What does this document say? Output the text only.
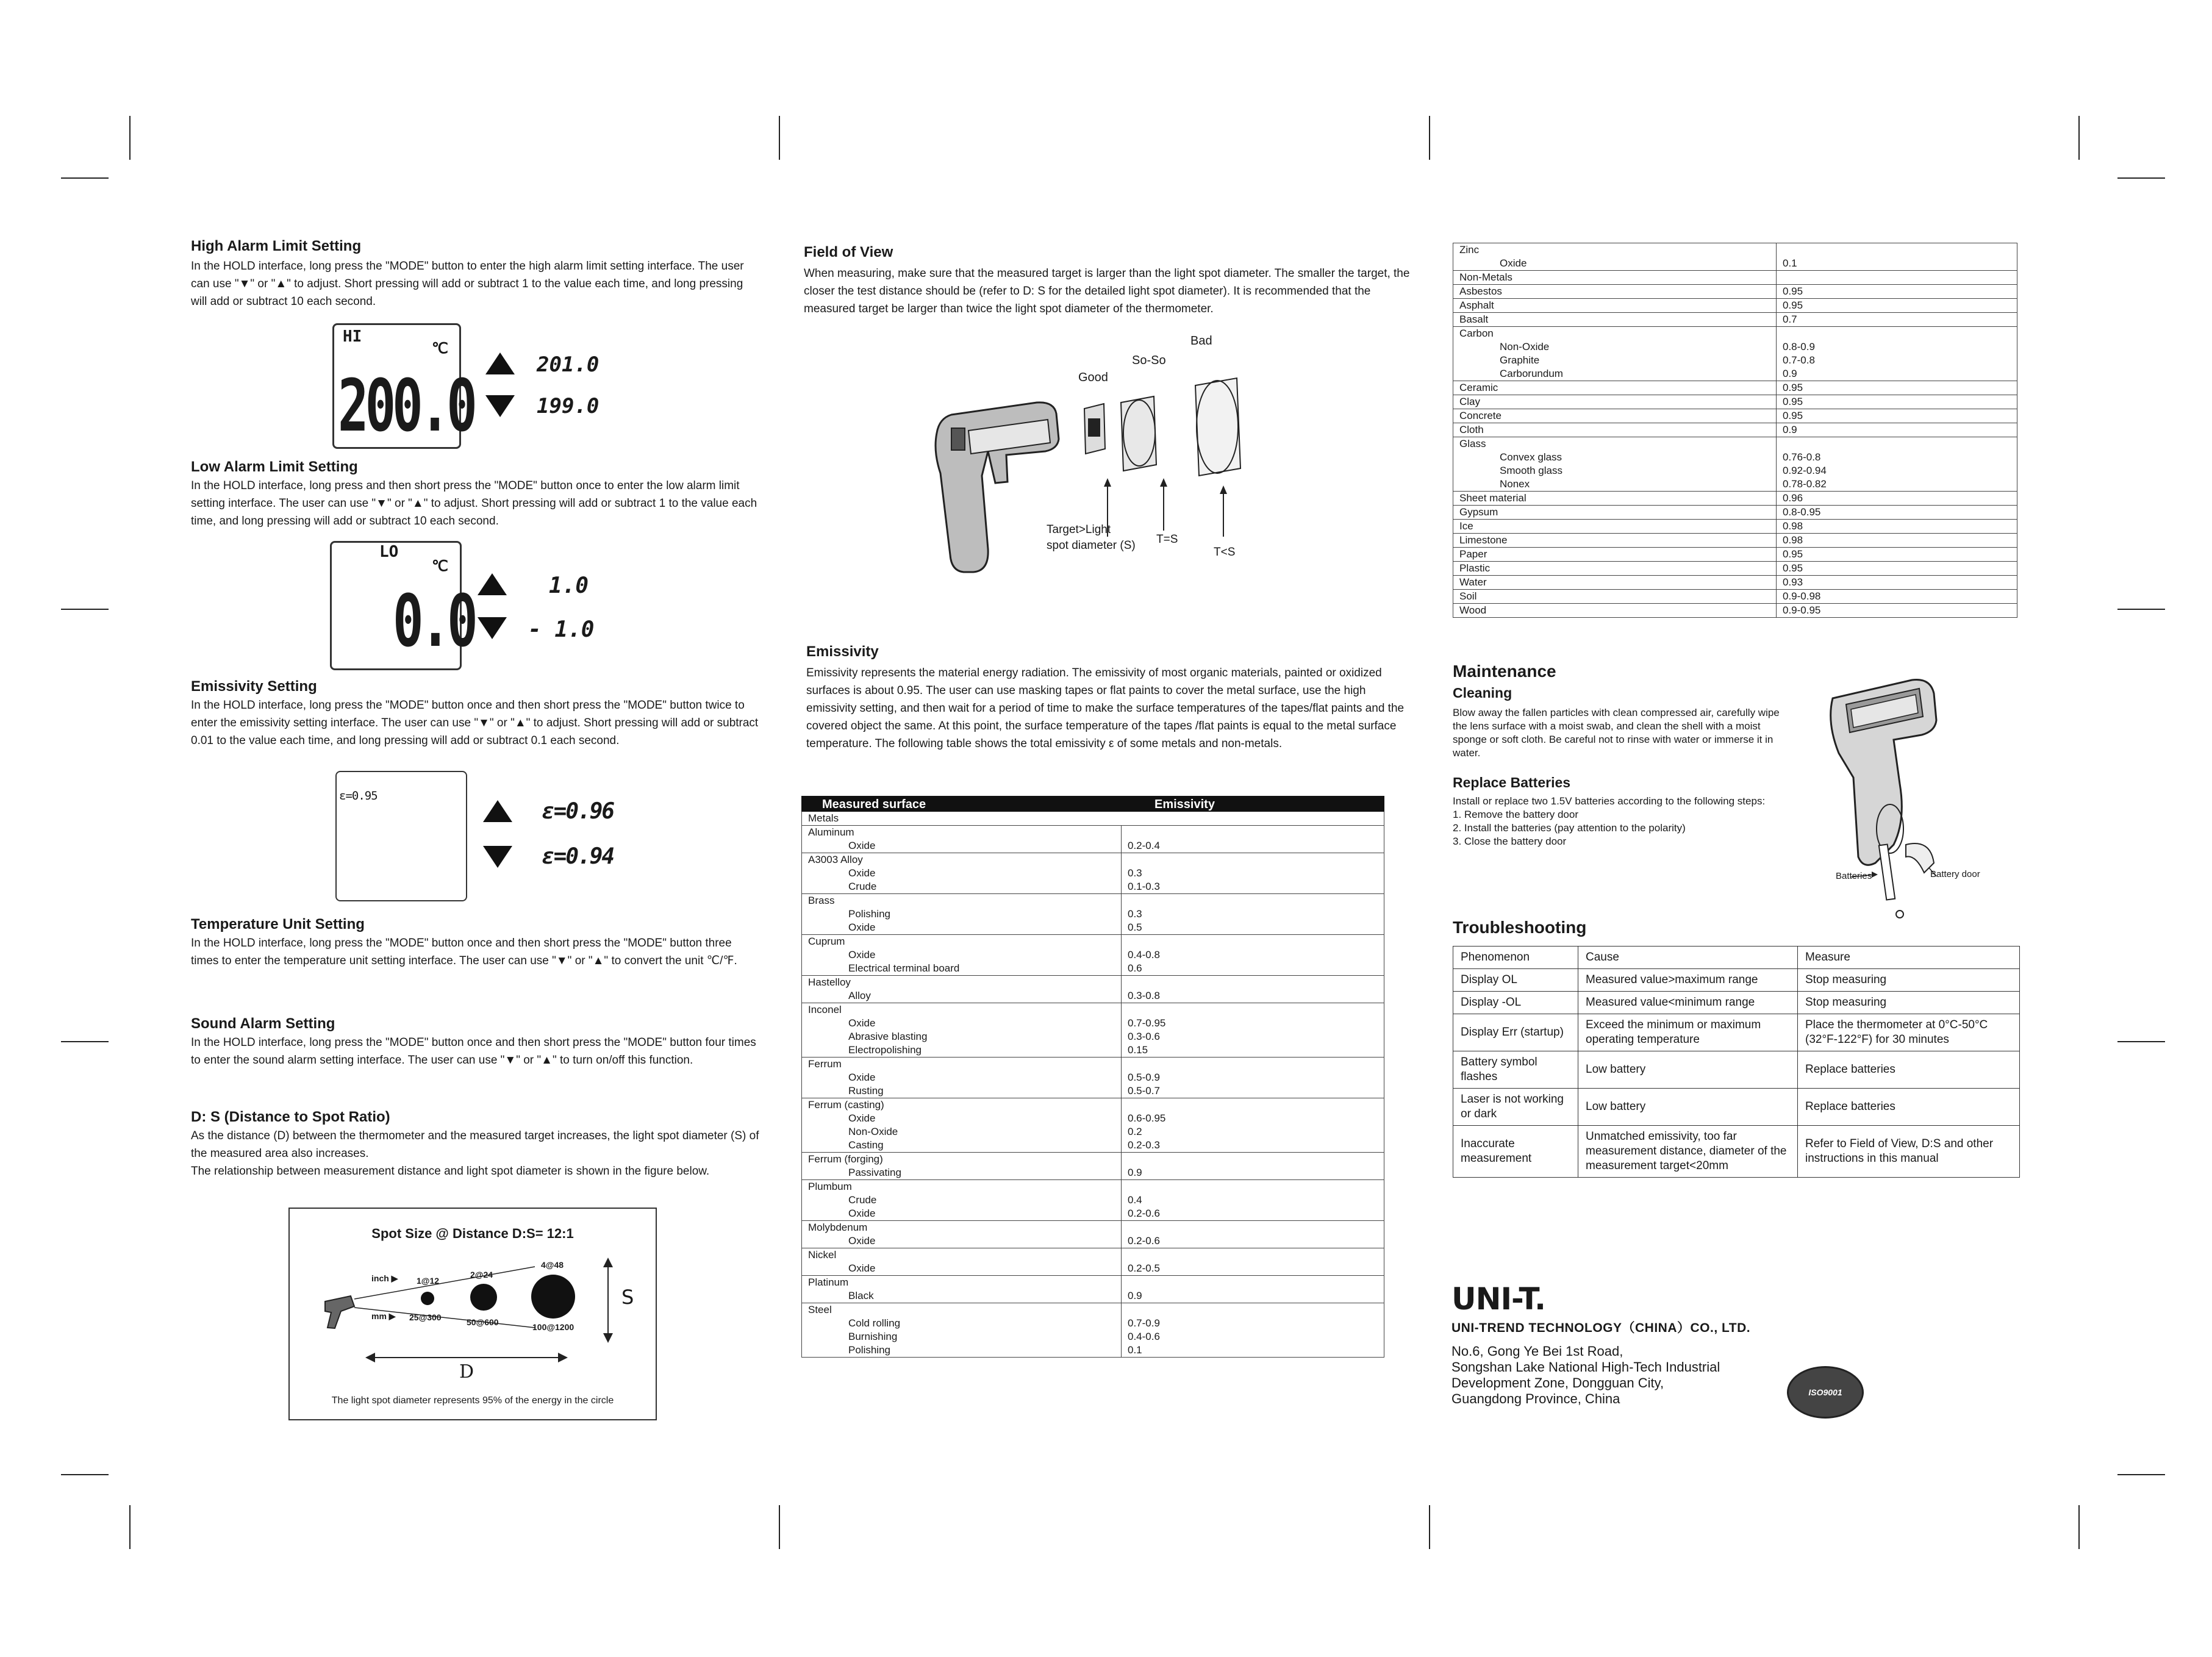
High Alarm Limit Setting

In the HOLD interface, long press the "MODE" button to enter the high alarm limit setting interface. The user can use "▼" or "▲" to adjust. Short pressing will add or subtract 1 to the value each time, and long pressing will add or subtract 10 each second.

HI
℃
200.0	201.0
199.0
Low Alarm Limit Setting

In the HOLD interface, long press and then short press the "MODE" button once to enter the low alarm limit setting interface. The user can use "▼" or "▲" to adjust. Short pressing will add or subtract 1 to the value each time, and long pressing will add or subtract 10 each second.

LO
℃
0.0	1.0
- 1.0
Emissivity Setting

In the HOLD interface, long press the "MODE" button once and then short press the "MODE" button twice to enter the emissivity setting interface. The user can use "▼" or "▲" to adjust. Short pressing will add or subtract 0.01 to the value each time, and long pressing will add or subtract 0.1 each second.

ε=0.95
ε=0.96
ε=0.94
Temperature Unit Setting

In the HOLD interface, long press the "MODE" button once and then short press the "MODE" button three times to enter the temperature unit setting interface. The user can use "▼" or "▲" to convert the unit ℃/℉.

Sound Alarm Setting

In the HOLD interface, long press the "MODE" button once and then short press the "MODE" button four times to enter the sound alarm setting interface. The user can use "▼" or "▲" to turn on/off this function.

D: S (Distance to Spot Ratio)

As the distance (D) between the thermometer and the measured target increases, the light spot diameter (S) of the measured area also increases.

The relationship between measurement distance and light spot diameter is shown in the figure below.

Spot Size @ Distance D:S= 12:1
inch ▶
mm ▶
1@12
2@24
4@48
25@300	50@600	100@1200
S
D
The light spot diameter represents 95% of the energy in the circle
Field of View

When measuring, make sure that the measured target is larger than the light spot diameter. The smaller the target, the closer the test distance should be (refer to D: S for the detailed light spot diameter). It is recommended that the measured target be larger than twice the light spot diameter of the thermometer.

Good
So-So
Bad
Target>Light
spot diameter (S) T=S
T<S
Emissivity

Emissivity represents the material energy radiation. The emissivity of most organic materials, painted or oxidized surfaces is about 0.95. The user can use masking tapes or flat paints to cover the metal surface, use the high emissivity setting, and then wait for a period of time to make the surface temperatures of the tapes/flat paints and the covered object the same. At this point, the surface temperature of the tapes /flat paints is equal to the metal surface temperature. The following table shows the total emissivity ε of some metals and non-metals.

Measured surface	Emissivity
Metals	
Aluminum	
Oxide	0.2-0.4
A3003 Alloy	
Oxide	0.3
Crude	0.1-0.3
Brass	
Polishing	0.3
Oxide	0.5
Cuprum	
Oxide	0.4-0.8
Electrical terminal board	0.6
Hastelloy	
Alloy	0.3-0.8
Inconel	
Oxide	0.7-0.95
Abrasive blasting	0.3-0.6
Electropolishing	0.15
Ferrum	
Oxide	0.5-0.9
Rusting	0.5-0.7
Ferrum (casting)	
Oxide	0.6-0.95
Non-Oxide	0.2
Casting	0.2-0.3
Ferrum (forging)	
Passivating	0.9
Plumbum	
Crude	0.4
Oxide	0.2-0.6
Molybdenum	
Oxide	0.2-0.6
Nickel	
Oxide	0.2-0.5
Platinum	
Black	0.9
Steel	
Cold rolling	0.7-0.9
Burnishing	0.4-0.6
Polishing	0.1
Zinc	
Oxide	0.1
Non-Metals	
Asbestos	0.95
Asphalt	0.95
Basalt	0.7
Carbon	
Non-Oxide	0.8-0.9
Graphite	0.7-0.8
Carborundum	0.9
Ceramic	0.95
Clay	0.95
Concrete	0.95
Cloth	0.9
Glass	
Convex glass	0.76-0.8
Smooth glass	0.92-0.94
Nonex	0.78-0.82
Sheet material	0.96
Gypsum	0.8-0.95
Ice	0.98
Limestone	0.98
Paper	0.95
Plastic	0.95
Water	0.93
Soil	0.9-0.98
Wood	0.9-0.95
Maintenance
Cleaning

Blow away the fallen particles with clean compressed air, carefully wipe the lens surface with a moist swab, and clean the shell with a moist sponge or soft cloth. Be careful not to rinse with water or immerse it in water.

Replace Batteries

Install or replace two 1.5V batteries according to the following steps:

1. Remove the battery door
2. Install the batteries (pay attention to the polarity)
3. Close the battery door
Batteries	Battery door
Troubleshooting
Phenomenon	Cause	Measure
Display OL	Measured value>maximum range	Stop measuring
Display -OL	Measured value<minimum range	Stop measuring
Display Err (startup)	Exceed the minimum or maximum operating temperature	Place the thermometer at 0°C-50°C (32°F-122°F) for 30 minutes
Battery symbol flashes	Low battery	Replace batteries
Laser is not working or dark	Low battery	Replace batteries
Inaccurate measurement	Unmatched emissivity, too far measurement distance, diameter of the measurement target<20mm	Refer to Field of View, D:S and other instructions in this manual
UNI-T.
UNI-TREND TECHNOLOGY（CHINA）CO., LTD.
No.6, Gong Ye Bei 1st Road,
Songshan Lake National High-Tech Industrial
Development Zone, Dongguan City,
Guangdong Province, China	ISO9001
